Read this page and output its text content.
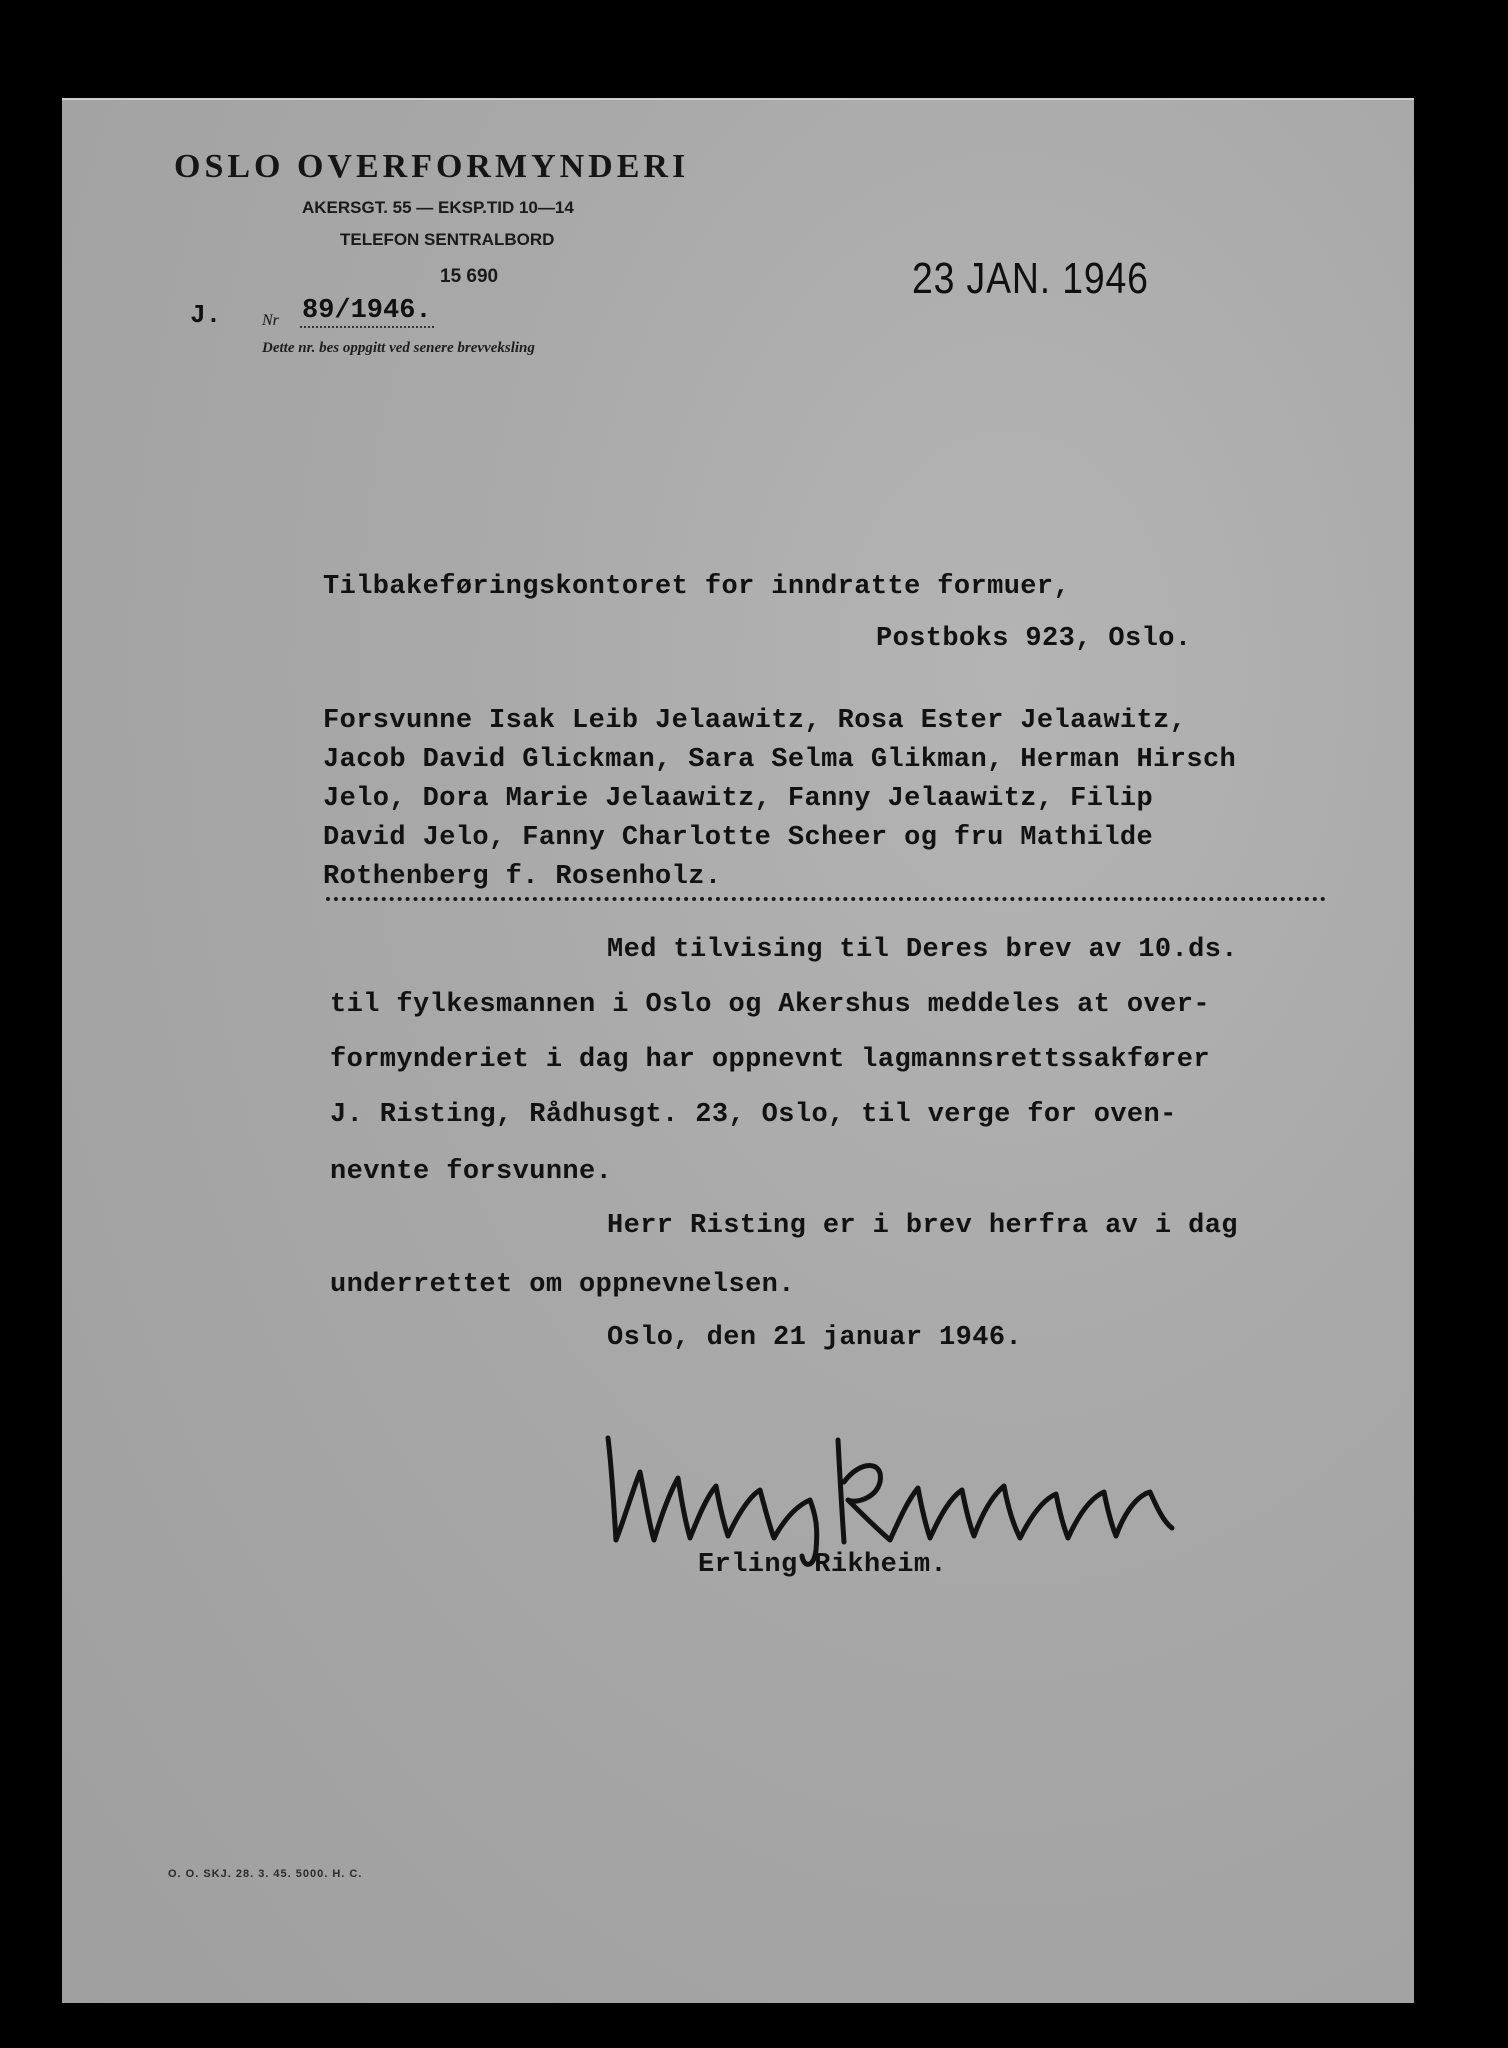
OSLO OVERFORMYNDERI
AKERSGT. 55 — EKSP.TID 10—14
TELEFON SENTRALBORD
15 690
J.	Nr 89/1946.
Dette nr. bes oppgitt ved senere brevveksling
23 JAN. 1946
Tilbakeføringskontoret for inndratte formuer,
Postboks 923, Oslo.
Forsvunne Isak Leib Jelaawitz, Rosa Ester Jelaawitz,
Jacob David Glickman, Sara Selma Glikman, Herman Hirsch
Jelo, Dora Marie Jelaawitz, Fanny Jelaawitz, Filip
David Jelo, Fanny Charlotte Scheer og fru Mathilde
Rothenberg f. Rosenholz.
Med tilvising til Deres brev av 10.ds.
til fylkesmannen i Oslo og Akershus meddeles at over-
formynderiet i dag har oppnevnt lagmannsrettssakfører
J. Risting, Rådhusgt. 23, Oslo, til verge for oven-
nevnte forsvunne.
Herr Risting er i brev herfra av i dag
underrettet om oppnevnelsen.
Oslo, den 21 januar 1946.
Erling Rikheim.
O. O. SKJ. 28. 3. 45. 5000. H. C.
